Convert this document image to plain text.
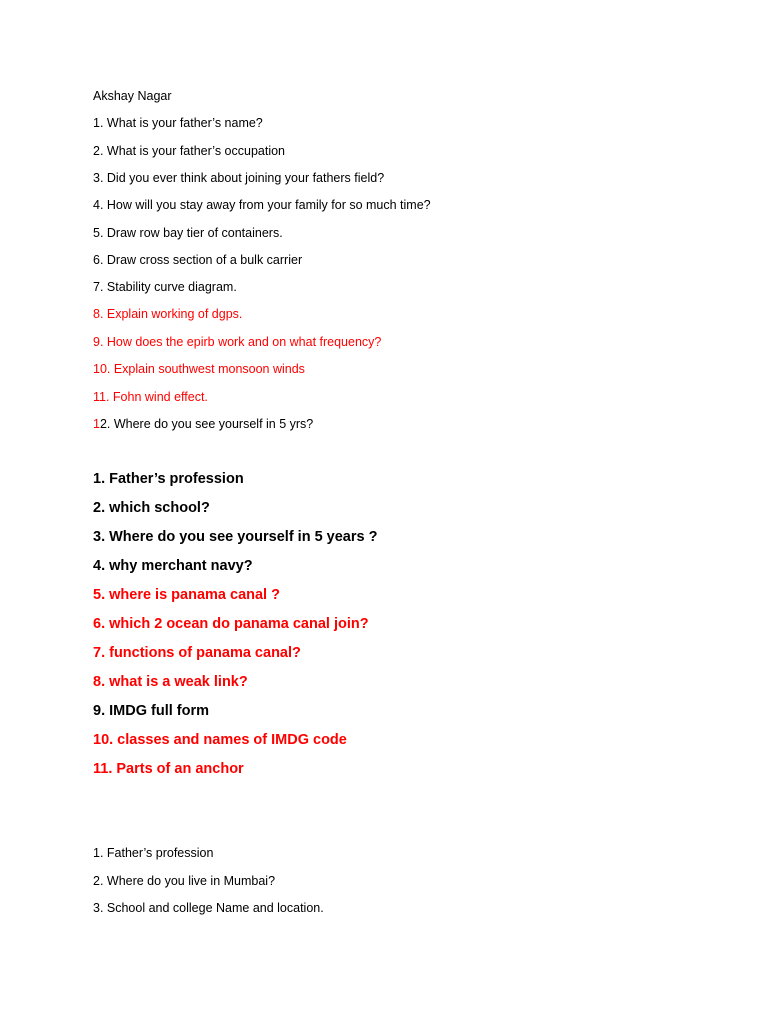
Akshay Nagar

1. What is your father’s name?

2. What is your father’s occupation

3. Did you ever think about joining your fathers field?

4. How will you stay away from your family for so much time?

5. Draw row bay tier of containers.

6. Draw cross section of a bulk carrier

7. Stability curve diagram.

8. Explain working of dgps.

9. How does the epirb work and on what frequency?

10. Explain southwest monsoon winds

11. Fohn wind effect.

12. Where do you see yourself in 5 yrs?

1. Father’s profession

2. which school?

3. Where do you see yourself in 5 years ?

4. why merchant navy?

5. where is panama canal ?

6. which 2 ocean do panama canal join?

7. functions of panama canal?

8. what is a weak link?

9. IMDG full form

10. classes and names of IMDG code

11. Parts of an anchor

1. Father’s profession

2. Where do you live in Mumbai?

3. School and college Name and location.
